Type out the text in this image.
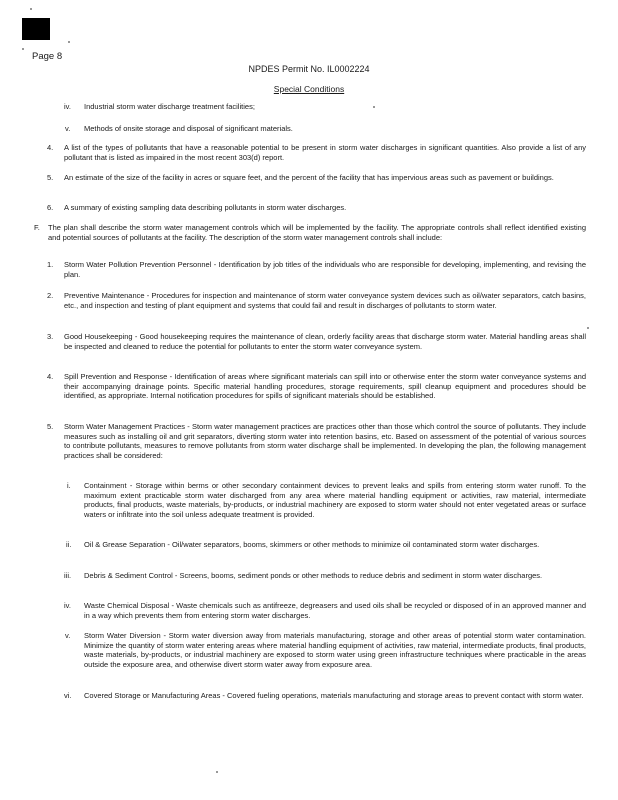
Page 8
NPDES Permit No. IL0002224
Special Conditions
iv. Industrial storm water discharge treatment facilities;
v. Methods of onsite storage and disposal of significant materials.
4. A list of the types of pollutants that have a reasonable potential to be present in storm water discharges in significant quantities. Also provide a list of any pollutant that is listed as impaired in the most recent 303(d) report.
5. An estimate of the size of the facility in acres or square feet, and the percent of the facility that has impervious areas such as pavement or buildings.
6. A summary of existing sampling data describing pollutants in storm water discharges.
F. The plan shall describe the storm water management controls which will be implemented by the facility. The appropriate controls shall reflect identified existing and potential sources of pollutants at the facility. The description of the storm water management controls shall include:
1. Storm Water Pollution Prevention Personnel - Identification by job titles of the individuals who are responsible for developing, implementing, and revising the plan.
2. Preventive Maintenance - Procedures for inspection and maintenance of storm water conveyance system devices such as oil/water separators, catch basins, etc., and inspection and testing of plant equipment and systems that could fail and result in discharges of pollutants to storm water.
3. Good Housekeeping - Good housekeeping requires the maintenance of clean, orderly facility areas that discharge storm water. Material handling areas shall be inspected and cleaned to reduce the potential for pollutants to enter the storm water conveyance system.
4. Spill Prevention and Response - Identification of areas where significant materials can spill into or otherwise enter the storm water conveyance systems and their accompanying drainage points. Specific material handling procedures, storage requirements, spill cleanup equipment and procedures should be identified, as appropriate. Internal notification procedures for spills of significant materials should be established.
5. Storm Water Management Practices - Storm water management practices are practices other than those which control the source of pollutants. They include measures such as installing oil and grit separators, diverting storm water into retention basins, etc. Based on assessment of the potential of various sources to contribute pollutants, measures to remove pollutants from storm water discharge shall be implemented. In developing the plan, the following management practices shall be considered:
i. Containment - Storage within berms or other secondary containment devices to prevent leaks and spills from entering storm water runoff. To the maximum extent practicable storm water discharged from any area where material handling equipment or activities, raw material, intermediate products, final products, waste materials, by-products, or industrial machinery are exposed to storm water should not enter vegetated areas or surface waters or infiltrate into the soil unless adequate treatment is provided.
ii. Oil & Grease Separation - Oil/water separators, booms, skimmers or other methods to minimize oil contaminated storm water discharges.
iii. Debris & Sediment Control - Screens, booms, sediment ponds or other methods to reduce debris and sediment in storm water discharges.
iv. Waste Chemical Disposal - Waste chemicals such as antifreeze, degreasers and used oils shall be recycled or disposed of in an approved manner and in a way which prevents them from entering storm water discharges.
v. Storm Water Diversion - Storm water diversion away from materials manufacturing, storage and other areas of potential storm water contamination. Minimize the quantity of storm water entering areas where material handling equipment of activities, raw material, intermediate products, final products, waste materials, by-products, or industrial machinery are exposed to storm water using green infrastructure techniques where practicable in the areas outside the exposure area, and otherwise divert storm water away from exposure area.
vi. Covered Storage or Manufacturing Areas - Covered fueling operations, materials manufacturing and storage areas to prevent contact with storm water.
